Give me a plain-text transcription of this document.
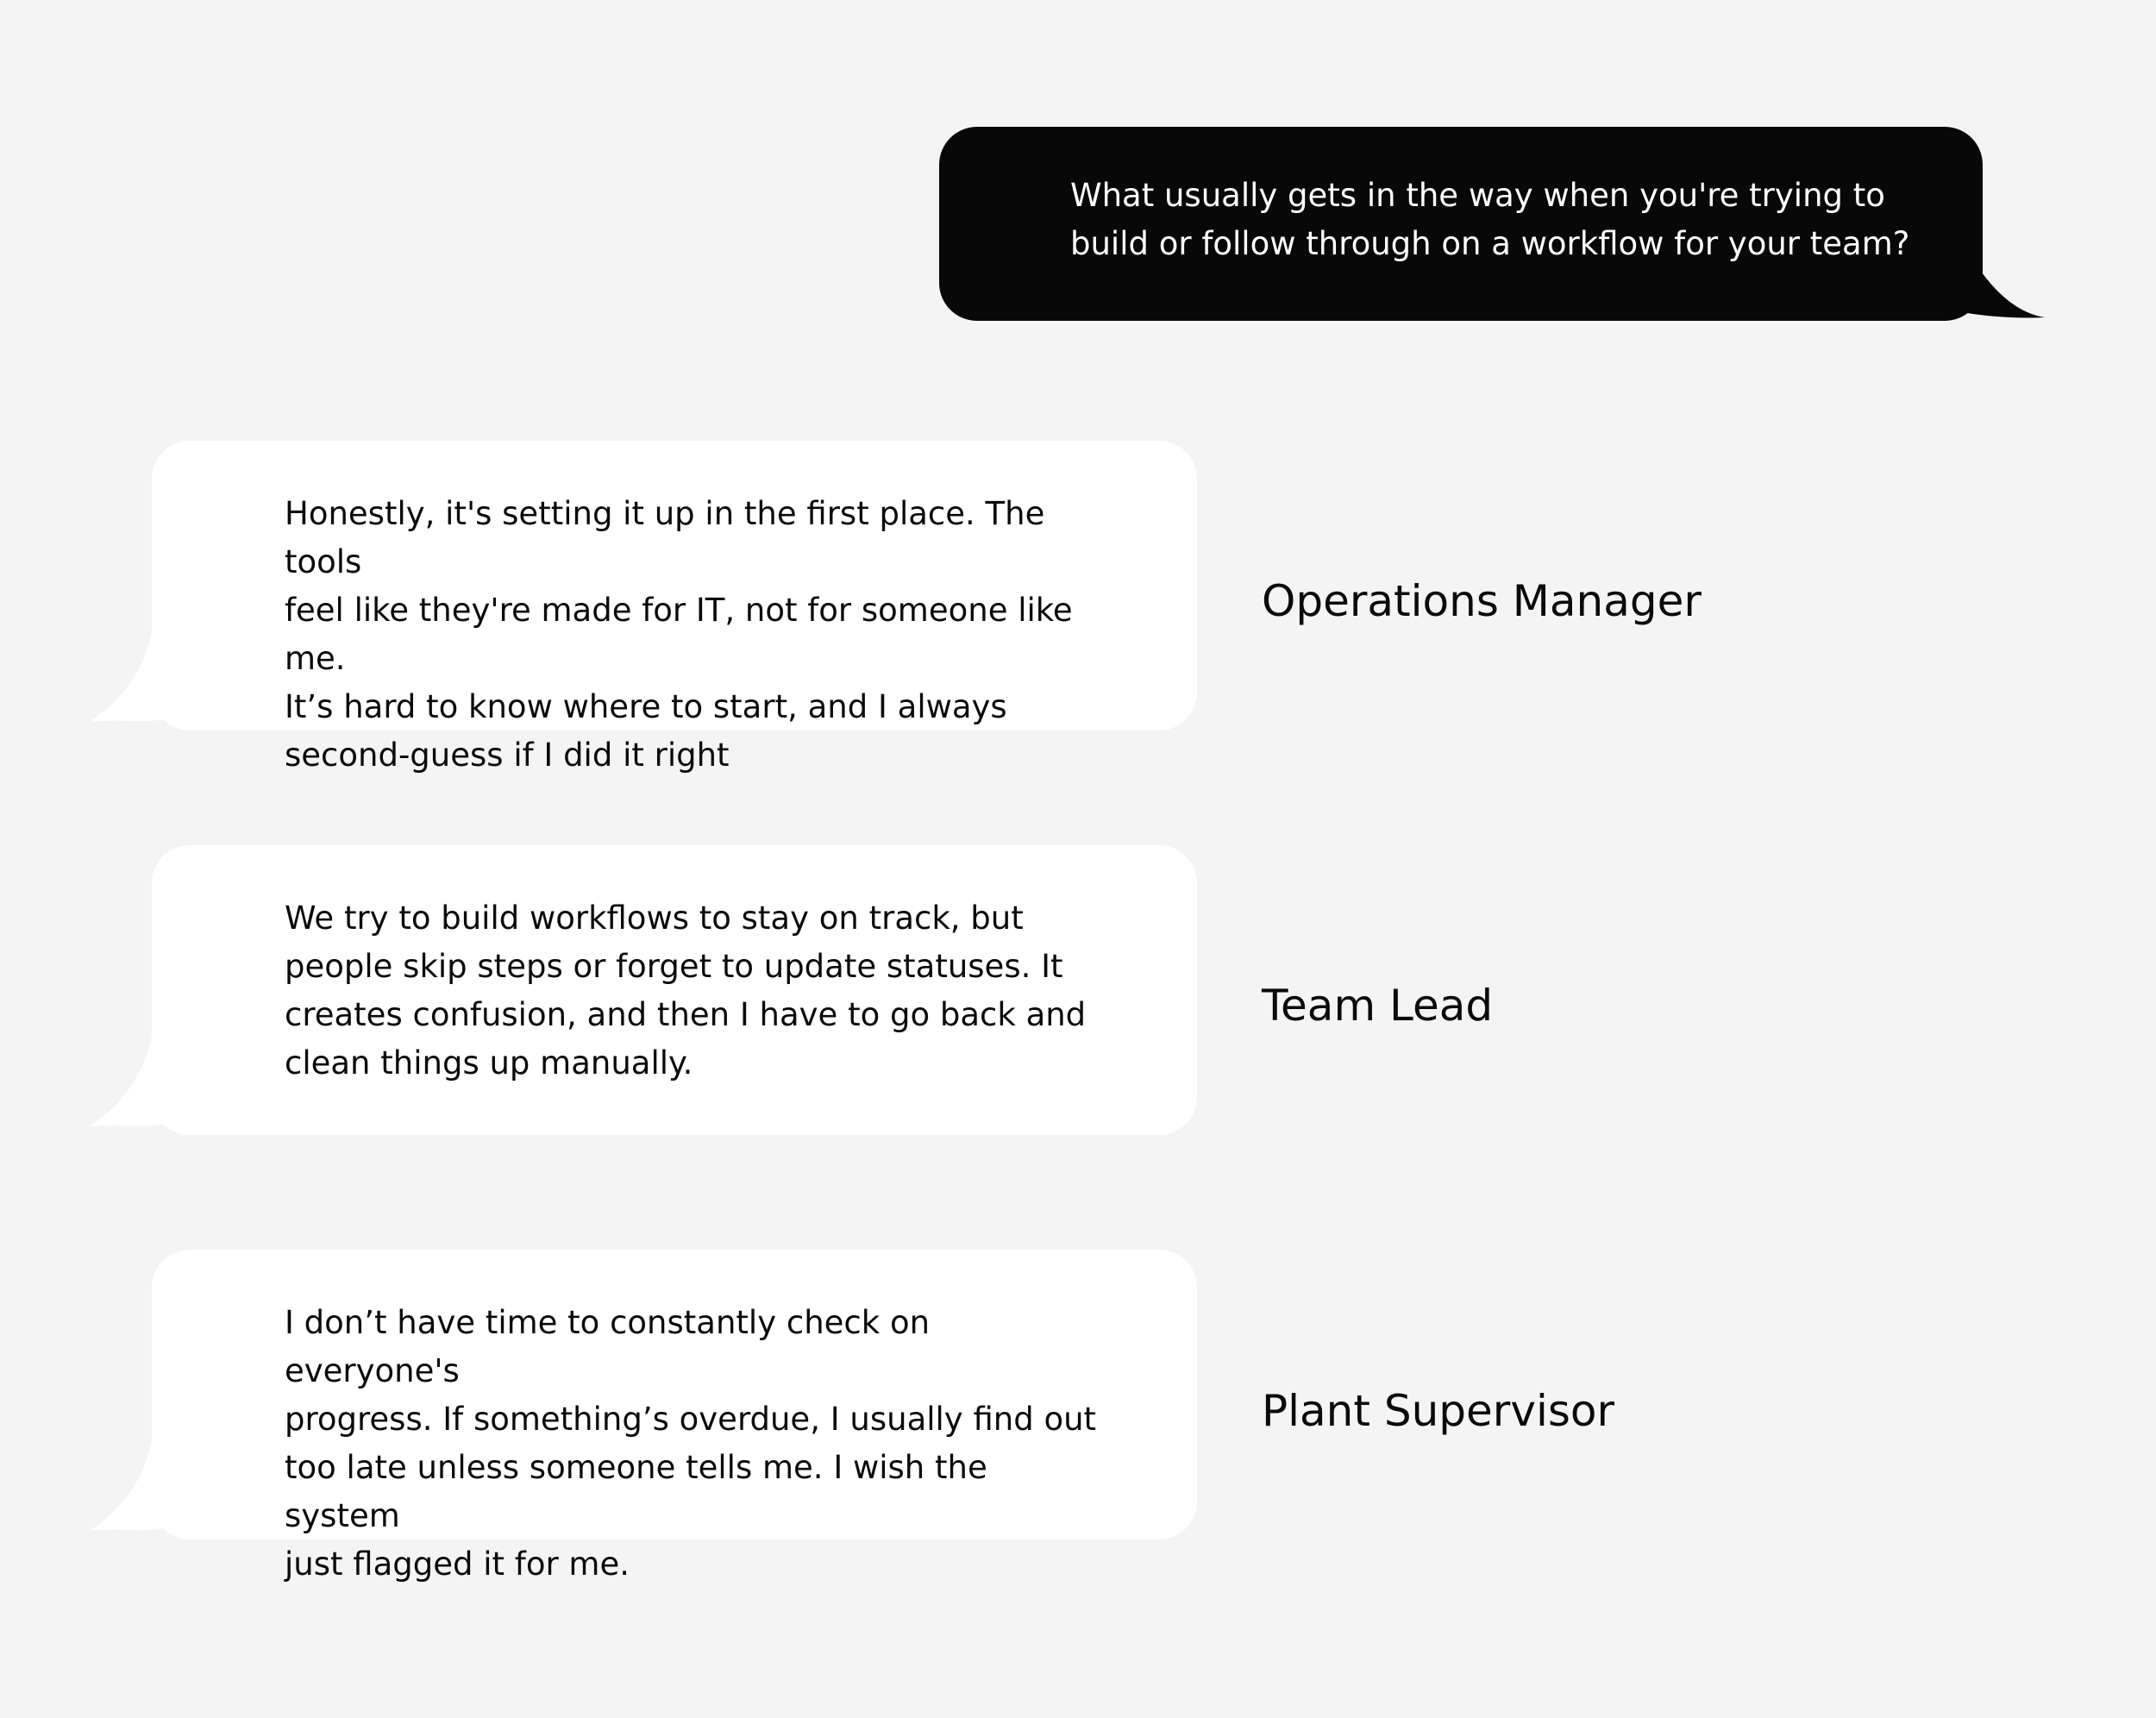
What usually gets in the way when you're trying to
build or follow through on a workflow for your team?

Honestly, it's setting it up in the first place. The tools
feel like they're made for IT, not for someone like me.
It’s hard to know where to start, and I always
second-guess if I did it right

Operations Manager

We try to build workflows to stay on track, but
people skip steps or forget to update statuses. It
creates confusion, and then I have to go back and
clean things up manually.

Team Lead

I don’t have time to constantly check on everyone's
progress. If something’s overdue, I usually find out
too late unless someone tells me. I wish the system
just flagged it for me.

Plant Supervisor
